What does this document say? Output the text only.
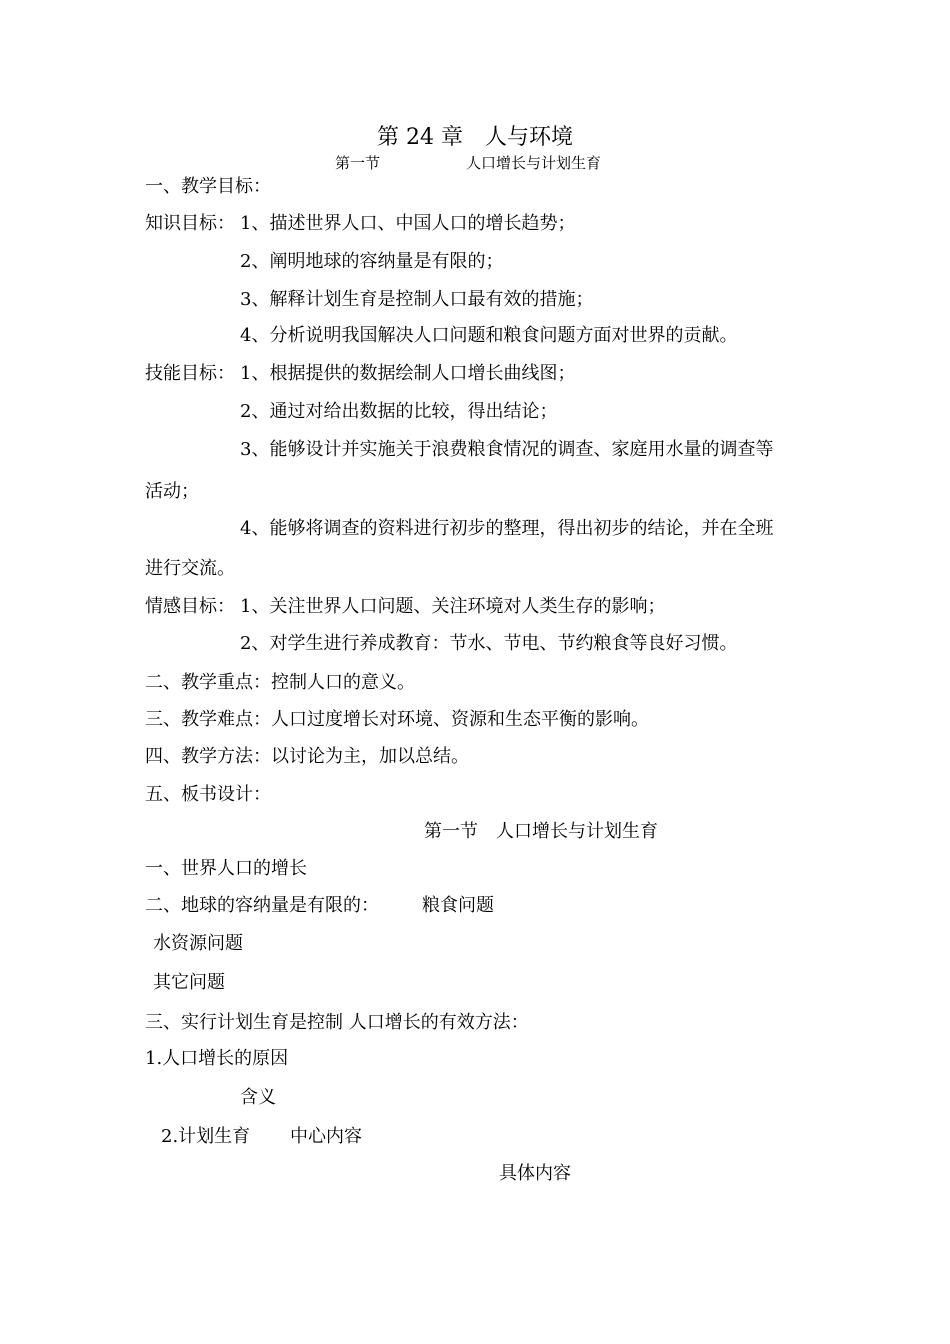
第 24 章　人与环境
第一节	人口增长与计划生育
一、教学目标：
知识目标： 1、描述世界人口、中国人口的增长趋势；
2、阐明地球的容纳量是有限的；
3、解释计划生育是控制人口最有效的措施；
4、分析说明我国解决人口问题和粮食问题方面对世界的贡献。
技能目标： 1、根据提供的数据绘制人口增长曲线图；
2、通过对给出数据的比较，得出结论；
3、能够设计并实施关于浪费粮食情况的调查、家庭用水量的调查等
活动；
4、能够将调查的资料进行初步的整理，得出初步的结论，并在全班
进行交流。
情感目标： 1、关注世界人口问题、关注环境对人类生存的影响；
2、对学生进行养成教育：节水、节电、节约粮食等良好习惯。
二、教学重点：控制人口的意义。
三、教学难点：人口过度增长对环境、资源和生态平衡的影响。
四、教学方法：以讨论为主，加以总结。
五、板书设计：
第一节　人口增长与计划生育
一、世界人口的增长
二、地球的容纳量是有限的： 粮食问题
水资源问题
其它问题
三、实行计划生育是控制 人口增长的有效方法：
1.人口增长的原因
含义
2.计划生育 中心内容
具体内容
